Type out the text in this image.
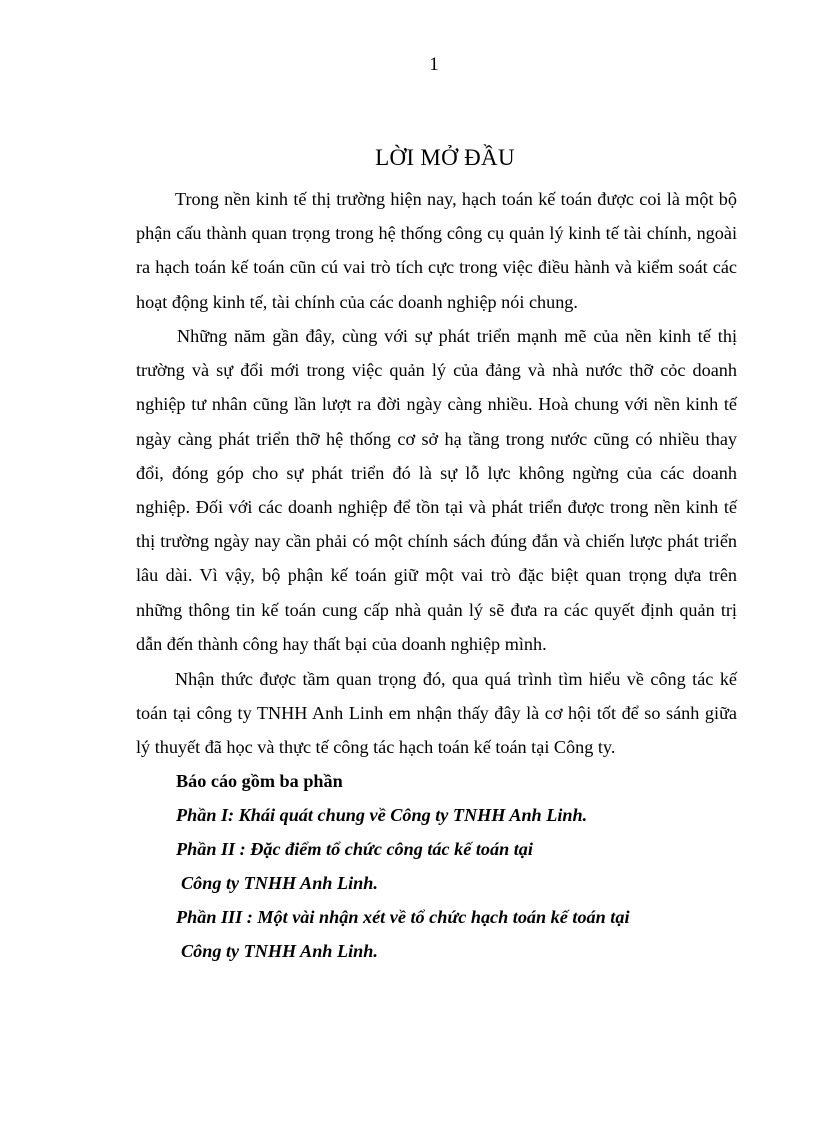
1
LỜI MỞ ĐẦU

Trong nền kinh tế thị trường hiện nay, hạch toán kế toán được coi là một bộ phận cấu thành quan trọng trong hệ thống công cụ quản lý kinh tế tài chính, ngoài ra hạch toán kế toán cũn cú vai trò tích cực trong việc điều hành và kiểm soát các hoạt động kinh tế, tài chính của các doanh nghiệp nói chung.

Những năm gần đây, cùng với sự phát triển mạnh mẽ của nền kinh tế thị trường và sự đổi mới trong việc quản lý của đảng và nhà nước thỡ cỏc doanh nghiệp tư nhân cũng lần lượt ra đời ngày càng nhiều. Hoà chung với nền kinh tế ngày càng phát triển thỡ hệ thống cơ sở hạ tầng trong nước cũng có nhiều thay đổi, đóng góp cho sự phát triển đó là sự lỗ lực không ngừng của các doanh nghiệp. Đối với các doanh nghiệp để tồn tại và phát triển được trong nền kinh tế thị trường ngày nay cần phải có một chính sách đúng đắn và chiến lược phát triển lâu dài. Vì vậy, bộ phận kế toán giữ một vai trò đặc biệt quan trọng dựa trên những thông tin kế toán cung cấp nhà quản lý sẽ đưa ra các quyết định quản trị dẫn đến thành công hay thất bại của doanh nghiệp mình.

Nhận thức được tầm quan trọng đó, qua quá trình tìm hiểu về công tác kế toán tại công ty TNHH Anh Linh em nhận thấy đây là cơ hội tốt để so sánh giữa lý thuyết đã học và thực tế công tác hạch toán kế toán tại Công ty.

Báo cáo gồm ba phần
Phần I: Khái quát chung về Công ty TNHH Anh Linh.
Phần II : Đặc điểm tổ chức công tác kế toán tại
Công ty TNHH Anh Linh.
Phần III : Một vài nhận xét về tổ chức hạch toán kế toán tại
Công ty TNHH Anh Linh.
